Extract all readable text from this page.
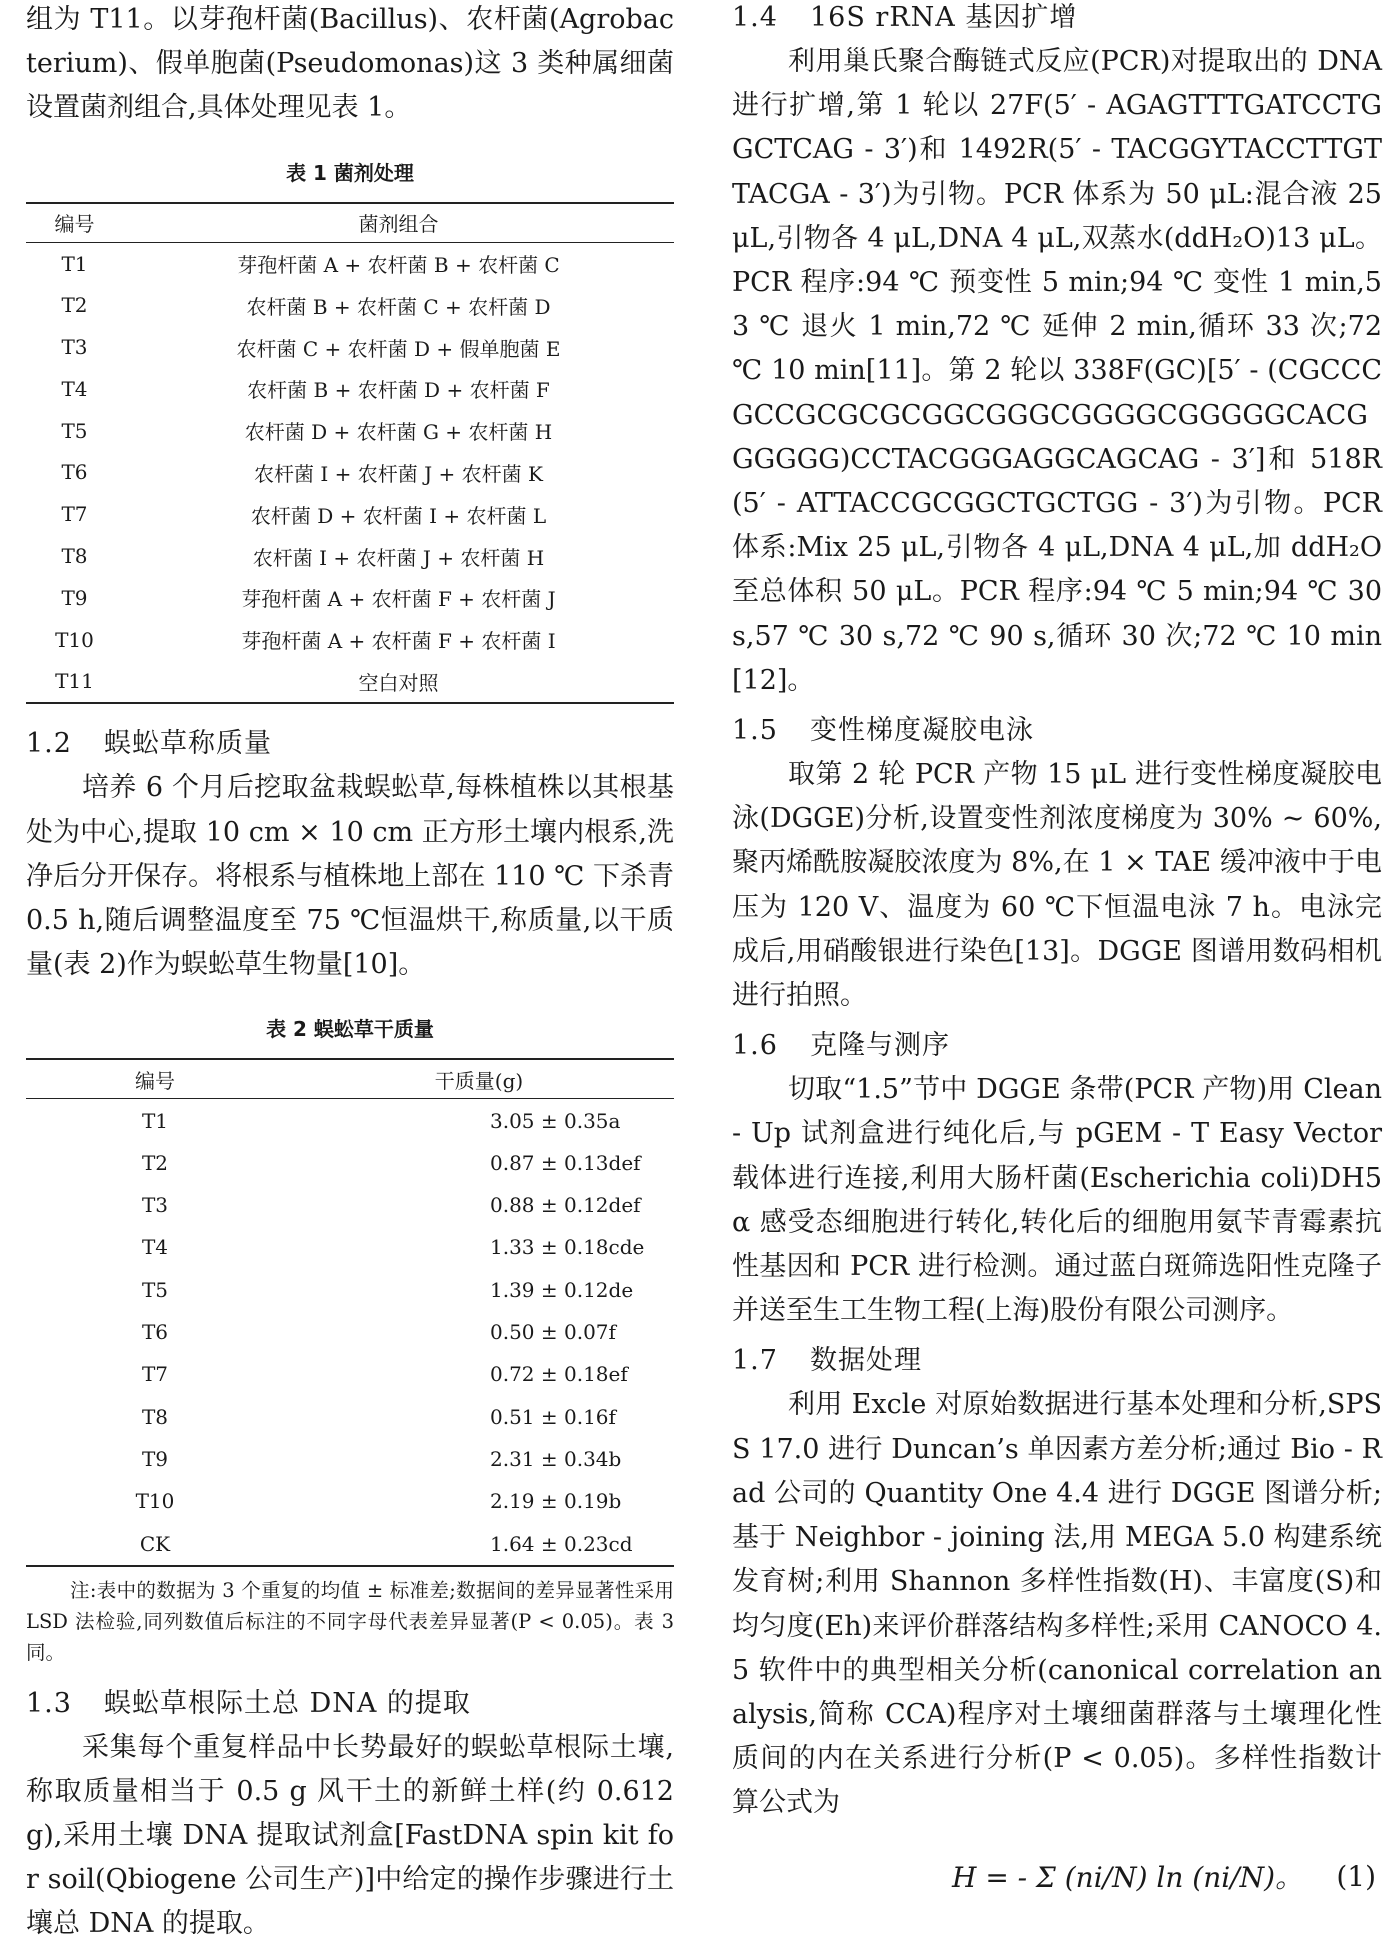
组为 T11。以芽孢杆菌(Bacillus)、农杆菌(Agrobacterium)、假单胞菌(Pseudomonas)这 3 类种属细菌设置菌剂组合,具体处理见表 1。

表 1 菌剂处理

编号	菌剂组合
T1	芽孢杆菌 A + 农杆菌 B + 农杆菌 C
T2	农杆菌 B + 农杆菌 C + 农杆菌 D
T3	农杆菌 C + 农杆菌 D + 假单胞菌 E
T4	农杆菌 B + 农杆菌 D + 农杆菌 F
T5	农杆菌 D + 农杆菌 G + 农杆菌 H
T6	农杆菌 I + 农杆菌 J + 农杆菌 K
T7	农杆菌 D + 农杆菌 I + 农杆菌 L
T8	农杆菌 I + 农杆菌 J + 农杆菌 H
T9	芽孢杆菌 A + 农杆菌 F + 农杆菌 J
T10	芽孢杆菌 A + 农杆菌 F + 农杆菌 I
T11	空白对照

1.2 蜈蚣草称质量

培养 6 个月后挖取盆栽蜈蚣草,每株植株以其根基处为中心,提取 10 cm × 10 cm 正方形土壤内根系,洗净后分开保存。将根系与植株地上部在 110 ℃ 下杀青 0.5 h,随后调整温度至 75 ℃恒温烘干,称质量,以干质量(表 2)作为蜈蚣草生物量[10]。

表 2 蜈蚣草干质量

编号	干质量(g)
T1	3.05 ± 0.35a
T2	0.87 ± 0.13def
T3	0.88 ± 0.12def
T4	1.33 ± 0.18cde
T5	1.39 ± 0.12de
T6	0.50 ± 0.07f
T7	0.72 ± 0.18ef
T8	0.51 ± 0.16f
T9	2.31 ± 0.34b
T10	2.19 ± 0.19b
CK	1.64 ± 0.23cd

注:表中的数据为 3 个重复的均值 ± 标准差;数据间的差异显著性采用 LSD 法检验,同列数值后标注的不同字母代表差异显著(P < 0.05)。表 3 同。

1.3 蜈蚣草根际土总 DNA 的提取

采集每个重复样品中长势最好的蜈蚣草根际土壤,称取质量相当于 0.5 g 风干土的新鲜土样(约 0.612 g),采用土壤 DNA 提取试剂盒[FastDNA spin kit for soil(Qbiogene 公司生产)]中给定的操作步骤进行土壤总 DNA 的提取。

1.4 16S rRNA 基因扩增

利用巢氏聚合酶链式反应(PCR)对提取出的 DNA 进行扩增,第 1 轮以 27F(5′ - AGAGTTTGATCCTGGCTCAG - 3′)和 1492R(5′ - TACGGYTACCTTGTTACGA - 3′)为引物。PCR 体系为 50 μL:混合液 25 μL,引物各 4 μL,DNA 4 μL,双蒸水(ddH₂O)13 μL。PCR 程序:94 ℃ 预变性 5 min;94 ℃ 变性 1 min,53 ℃ 退火 1 min,72 ℃ 延伸 2 min,循环 33 次;72 ℃ 10 min[11]。第 2 轮以 338F(GC)[5′ - (CGCCCGCCGCGCGCGGCGGGCGGGGCGGGGGCACGGGGGG)CCTACGGGAGGCAGCAG - 3′]和 518R(5′ - ATTACCGCGGCTGCTGG - 3′)为引物。PCR 体系:Mix 25 μL,引物各 4 μL,DNA 4 μL,加 ddH₂O 至总体积 50 μL。PCR 程序:94 ℃ 5 min;94 ℃ 30 s,57 ℃ 30 s,72 ℃ 90 s,循环 30 次;72 ℃ 10 min[12]。

1.5 变性梯度凝胶电泳

取第 2 轮 PCR 产物 15 μL 进行变性梯度凝胶电泳(DGGE)分析,设置变性剂浓度梯度为 30% ~ 60%,聚丙烯酰胺凝胶浓度为 8%,在 1 × TAE 缓冲液中于电压为 120 V、温度为 60 ℃下恒温电泳 7 h。电泳完成后,用硝酸银进行染色[13]。DGGE 图谱用数码相机进行拍照。

1.6 克隆与测序

切取“1.5”节中 DGGE 条带(PCR 产物)用 Clean - Up 试剂盒进行纯化后,与 pGEM - T Easy Vector 载体进行连接,利用大肠杆菌(Escherichia coli)DH5α 感受态细胞进行转化,转化后的细胞用氨苄青霉素抗性基因和 PCR 进行检测。通过蓝白斑筛选阳性克隆子并送至生工生物工程(上海)股份有限公司测序。

1.7 数据处理

利用 Excle 对原始数据进行基本处理和分析,SPSS 17.0 进行 Duncan’s 单因素方差分析;通过 Bio - Rad 公司的 Quantity One 4.4 进行 DGGE 图谱分析;基于 Neighbor - joining 法,用 MEGA 5.0 构建系统发育树;利用 Shannon 多样性指数(H)、丰富度(S)和均匀度(Eh)来评价群落结构多样性;采用 CANOCO 4.5 软件中的典型相关分析(canonical correlation analysis,简称 CCA)程序对土壤细菌群落与土壤理化性质间的内在关系进行分析(P < 0.05)。多样性指数计算公式为

H = - Σ (ni/N) ln (ni/N)。 (1)
